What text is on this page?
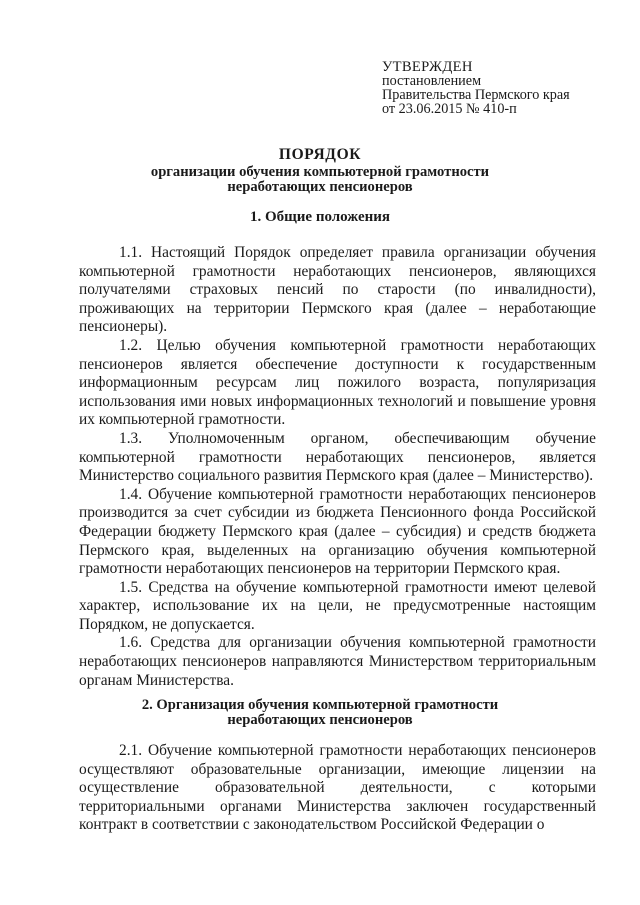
УТВЕРЖДЕН
постановлением
Правительства Пермского края
от 23.06.2015 № 410-п
ПОРЯДОК
организации обучения компьютерной грамотности
неработающих пенсионеров
1. Общие положения

1.1. Настоящий Порядок определяет правила организации обучения компьютерной грамотности неработающих пенсионеров, являющихся получателями страховых пенсий по старости (по инвалидности), проживающих на территории Пермского края (далее – неработающие пенсионеры).

1.2. Целью обучения компьютерной грамотности неработающих пенсионеров является обеспечение доступности к государственным информационным ресурсам лиц пожилого возраста, популяризация использования ими новых информационных технологий и повышение уровня их компьютерной грамотности.

1.3. Уполномоченным органом, обеспечивающим обучение компьютерной грамотности неработающих пенсионеров, является Министерство социального развития Пермского края (далее – Министерство).

1.4. Обучение компьютерной грамотности неработающих пенсионеров производится за счет субсидии из бюджета Пенсионного фонда Российской Федерации бюджету Пермского края (далее – субсидия) и средств бюджета Пермского края, выделенных на организацию обучения компьютерной грамотности неработающих пенсионеров на территории Пермского края.

1.5. Средства на обучение компьютерной грамотности имеют целевой характер, использование их на цели, не предусмотренные настоящим Порядком, не допускается.

1.6. Средства для организации обучения компьютерной грамотности неработающих пенсионеров направляются Министерством территориальным органам Министерства.

2. Организация обучения компьютерной грамотности
неработающих пенсионеров

2.1. Обучение компьютерной грамотности неработающих пенсионеров осуществляют образовательные организации, имеющие лицензии на осуществление образовательной деятельности, с которыми территориальными органами Министерства заключен государственный контракт в соответствии с законодательством Российской Федерации о
